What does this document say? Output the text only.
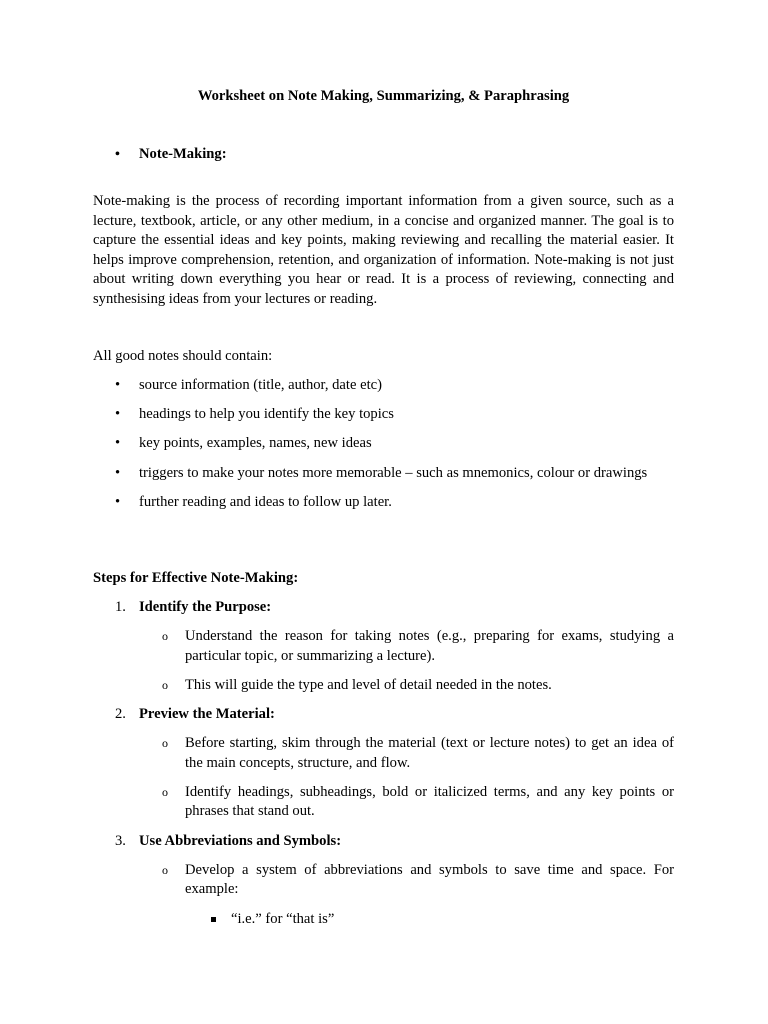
Worksheet on Note Making, Summarizing, & Paraphrasing
• Note-Making:

Note-making is the process of recording important information from a given source, such as a lecture, textbook, article, or any other medium, in a concise and organized manner. The goal is to capture the essential ideas and key points, making reviewing and recalling the material easier. It helps improve comprehension, retention, and organization of information. Note-making is not just about writing down everything you hear or read. It is a process of reviewing, connecting and synthesising ideas from your lectures or reading.

All good notes should contain:

• source information (title, author, date etc)
• headings to help you identify the key topics
• key points, examples, names, new ideas
• triggers to make your notes more memorable – such as mnemonics, colour or drawings
• further reading and ideas to follow up later.
Steps for Effective Note-Making:
1. Identify the Purpose:
o Understand the reason for taking notes (e.g., preparing for exams, studying a particular topic, or summarizing a lecture).
o This will guide the type and level of detail needed in the notes.
2. Preview the Material:
o Before starting, skim through the material (text or lecture notes) to get an idea of the main concepts, structure, and flow.
o Identify headings, subheadings, bold or italicized terms, and any key points or phrases that stand out.
3. Use Abbreviations and Symbols:
o Develop a system of abbreviations and symbols to save time and space. For example:
“i.e.” for “that is”
